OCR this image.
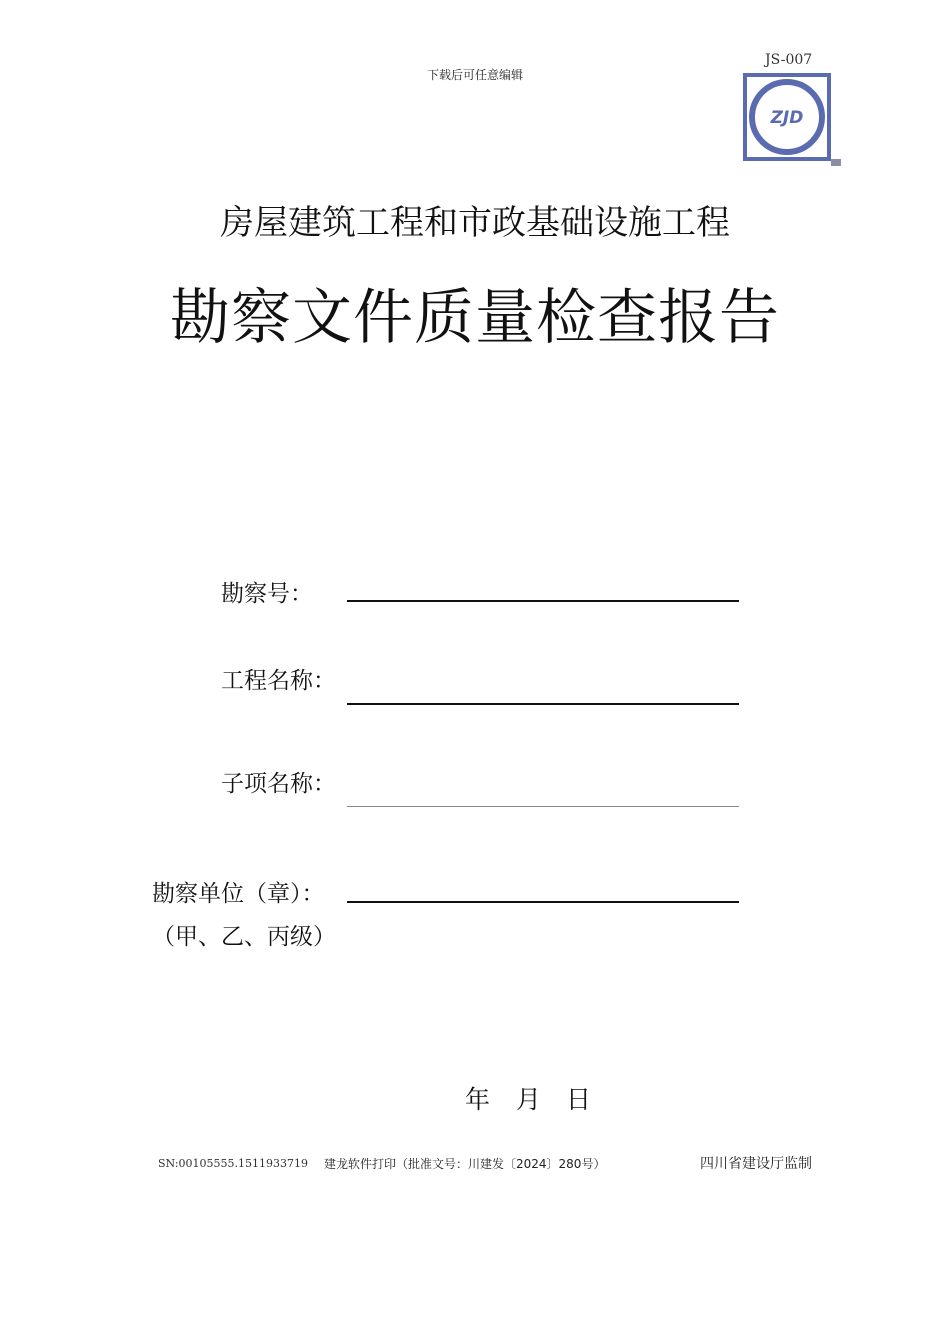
下载后可任意编辑
JS-007
ZJD
房屋建筑工程和市政基础设施工程
勘察文件质量检查报告
勘察号：
工程名称：
子项名称：
勘察单位（章）：
（甲、乙、丙级）
年 月 日
SN:00105555.1511933719 建龙软件打印（批准文号：川建发〔2024〕280号）	四川省建设厅监制
